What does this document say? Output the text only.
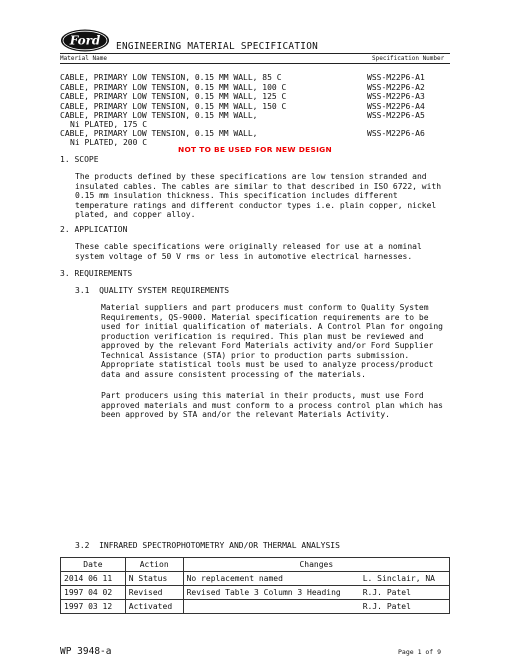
Ford ENGINEERING MATERIAL SPECIFICATION
Material Name	Specification Number
CABLE, PRIMARY LOW TENSION, 0.15 MM WALL, 85 C	WSS-M22P6-A1
CABLE, PRIMARY LOW TENSION, 0.15 MM WALL, 100 C	WSS-M22P6-A2
CABLE, PRIMARY LOW TENSION, 0.15 MM WALL, 125 C	WSS-M22P6-A3
CABLE, PRIMARY LOW TENSION, 0.15 MM WALL, 150 C	WSS-M22P6-A4
CABLE, PRIMARY LOW TENSION, 0.15 MM WALL,	WSS-M22P6-A5
Ni PLATED, 175 C
CABLE, PRIMARY LOW TENSION, 0.15 MM WALL,	WSS-M22P6-A6
Ni PLATED, 200 C
NOT TO BE USED FOR NEW DESIGN
1. SCOPE
The products defined by these specifications are low tension stranded and insulated cables. The cables are similar to that described in ISO 6722, with 0.15 mm insulation thickness. This specification includes different temperature ratings and different conductor types i.e. plain copper, nickel plated, and copper alloy.
2. APPLICATION
These cable specifications were originally released for use at a nominal system voltage of 50 V rms or less in automotive electrical harnesses.
3. REQUIREMENTS
3.1  QUALITY SYSTEM REQUIREMENTS
Material suppliers and part producers must conform to Quality System Requirements, QS-9000. Material specification requirements are to be used for initial qualification of materials. A Control Plan for ongoing production verification is required. This plan must be reviewed and approved by the relevant Ford Materials activity and/or Ford Supplier Technical Assistance (STA) prior to production parts submission. Appropriate statistical tools must be used to analyze process/product data and assure consistent processing of the materials.
Part producers using this material in their products, must use Ford approved materials and must conform to a process control plan which has been approved by STA and/or the relevant Materials Activity.
3.2  INFRARED SPECTROPHOTOMETRY AND/OR THERMAL ANALYSIS
Date	Action	Changes	
2014 06 11	N Status	No replacement named	L. Sinclair, NA
1997 04 02	Revised	Revised Table 3 Column 3 Heading	R.J. Patel
1997 03 12	Activated		R.J. Patel
WP 3948-a	Page 1 of 9
